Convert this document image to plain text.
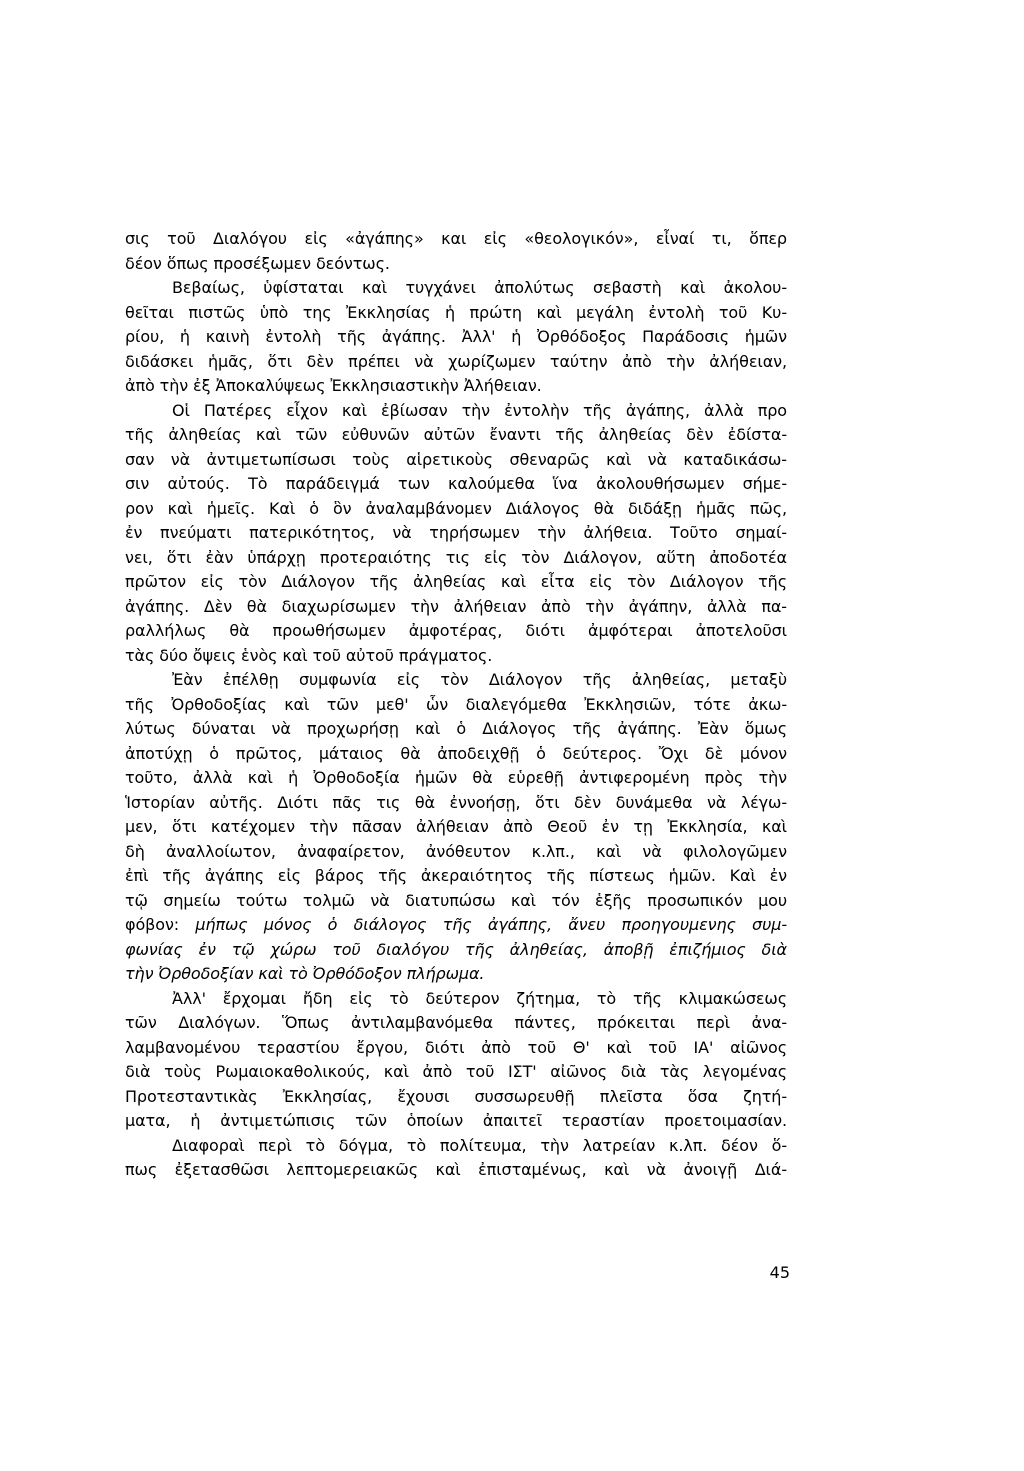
σις τοῦ Διαλόγου εἰς «ἀγάπης» και εἰς «θεολογικόν», εἶναί τι, ὅπερ
δέον ὅπως προσέξωμεν δεόντως.
Βεβαίως, ὑφίσταται καὶ τυγχάνει ἀπολύτως σεβαστὴ καὶ ἀκολου-
θεῖται πιστῶς ὑπὸ της Ἐκκλησίας ἡ πρώτη καὶ μεγάλη ἐντολὴ τοῦ Κυ-
ρίου, ἡ καινὴ ἐντολὴ τῆς ἀγάπης. Ἀλλ' ἡ Ὀρθόδοξος Παράδοσις ἡμῶν
διδάσκει ἡμᾶς, ὅτι δὲν πρέπει νὰ χωρίζωμεν ταύτην ἀπὸ τὴν ἀλήθειαν,
ἀπὸ τὴν ἐξ Ἀποκαλύψεως Ἐκκλησιαστικὴν Ἀλήθειαν.
Οἱ Πατέρες εἶχον καὶ ἐβίωσαν τὴν ἐντολὴν τῆς ἀγάπης, ἀλλὰ προ
τῆς ἀληθείας καὶ τῶν εὐθυνῶν αὐτῶν ἔναντι τῆς ἀληθείας δὲν ἐδίστα-
σαν νὰ ἀντιμετωπίσωσι τοὺς αἱρετικοὺς σθεναρῶς καὶ νὰ καταδικάσω-
σιν αὐτούς. Τὸ παράδειγμά των καλούμεθα ἵνα ἀκολουθήσωμεν σήμε-
ρον καὶ ἡμεῖς. Καὶ ὁ ὃν ἀναλαμβάνομεν Διάλογος θὰ διδάξῃ ἡμᾶς πῶς,
ἐν πνεύματι πατερικότητος, νὰ τηρήσωμεν τὴν ἀλήθεια. Τοῦτο σημαί-
νει, ὅτι ἐὰν ὑπάρχῃ προτεραιότης τις εἰς τὸν Διάλογον, αὕτη ἀποδοτέα
πρῶτον εἰς τὸν Διάλογον τῆς ἀληθείας καὶ εἶτα εἰς τὸν Διάλογον τῆς
ἀγάπης. Δὲν θὰ διαχωρίσωμεν τὴν ἀλήθειαν ἀπὸ τὴν ἀγάπην, ἀλλὰ πα-
ραλλήλως θὰ προωθήσωμεν ἀμφοτέρας, διότι ἀμφότεραι ἀποτελοῦσι
τὰς δύο ὄψεις ἑνὸς καὶ τοῦ αὐτοῦ πράγματος.
Ἐὰν ἐπέλθῃ συμφωνία εἰς τὸν Διάλογον τῆς ἀληθείας, μεταξὺ
τῆς Ὀρθοδοξίας καὶ τῶν μεθ' ὧν διαλεγόμεθα Ἐκκλησιῶν, τότε ἀκω-
λύτως δύναται νὰ προχωρήσῃ καὶ ὁ Διάλογος τῆς ἀγάπης. Ἐὰν ὅμως
ἀποτύχῃ ὁ πρῶτος, μάταιος θὰ ἀποδειχθῇ ὁ δεύτερος. Ὄχι δὲ μόνον
τοῦτο, ἀλλὰ καὶ ἡ Ὀρθοδοξία ἡμῶν θὰ εὑρεθῇ ἀντιφερομένη πρὸς τὴν
Ἱστορίαν αὐτῆς. Διότι πᾶς τις θὰ ἐννοήσῃ, ὅτι δὲν δυνάμεθα νὰ λέγω-
μεν, ὅτι κατέχομεν τὴν πᾶσαν ἀλήθειαν ἀπὸ Θεοῦ ἐν τῃ Ἐκκλησία, καὶ
δὴ ἀναλλοίωτον, ἀναφαίρετον, ἀνόθευτον κ.λπ., καὶ νὰ φιλολογῶμεν
ἐπὶ τῆς ἀγάπης εἰς βάρος τῆς ἀκεραιότητος τῆς πίστεως ἡμῶν. Καὶ ἐν
τῷ σημείω τούτω τολμῶ νὰ διατυπώσω καὶ τόν ἑξῆς προσωπικόν μου
φόβον: μήπως μόνος ὁ διάλογος τῆς ἀγάπης, ἄνευ προηγουμενης συμ-
φωνίας ἐν τῷ χώρω τοῦ διαλόγου τῆς ἀληθείας, ἀποβῇ ἐπιζήμιος διὰ
τὴν Ὀρθοδοξίαν καὶ τὸ Ὀρθόδοξον πλήρωμα.
Ἀλλ' ἔρχομαι ἤδη εἰς τὸ δεύτερον ζήτημα, τὸ τῆς κλιμακώσεως
τῶν Διαλόγων. Ὅπως ἀντιλαμβανόμεθα πάντες, πρόκειται περὶ ἀνα-
λαμβανομένου τεραστίου ἔργου, διότι ἀπὸ τοῦ Θ' καὶ τοῦ ΙΑ' αἰῶνος
διὰ τοὺς Ρωμαιοκαθολικούς, καὶ ἀπὸ τοῦ ΙΣΤ' αἰῶνος διὰ τὰς λεγομένας
Προτεσταντικὰς Ἐκκλησίας, ἔχουσι συσσωρευθῇ πλεῖστα ὅσα ζητή-
ματα, ἡ ἀντιμετώπισις τῶν ὁποίων ἀπαιτεῖ τεραστίαν προετοιμασίαν.
Διαφοραὶ περὶ τὸ δόγμα, τὸ πολίτευμα, τὴν λατρείαν κ.λπ. δέον ὅ-
πως ἐξετασθῶσι λεπτομερειακῶς καὶ ἐπισταμένως, καὶ νὰ ἀνοιγῇ Διά-
45
